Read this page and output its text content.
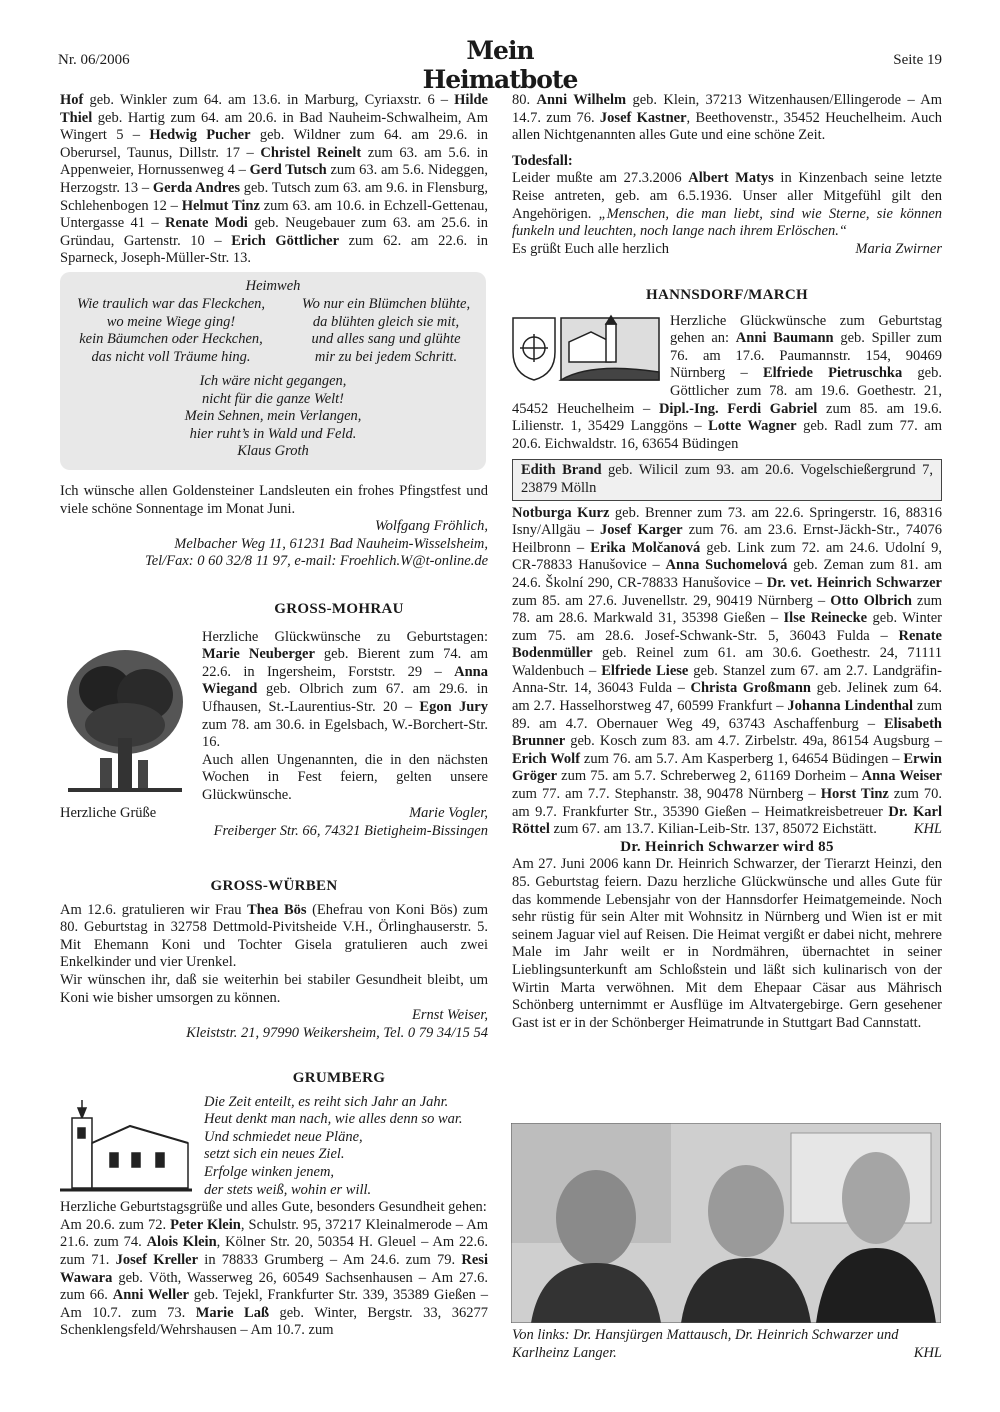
Nr. 06/2006	Mein Heimatbote
Seite 19

Hof geb. Winkler zum 64. am 13.6. in Marburg, Cyriaxstr. 6 – Hilde Thiel geb. Hartig zum 64. am 20.6. in Bad Nauheim-Schwalheim, Am Wingert 5 – Hedwig Pucher geb. Wildner zum 64. am 29.6. in Oberursel, Taunus, Dillstr. 17 – Christel Reinelt zum 63. am 5.6. in Appenweier, Hornussenweg 4 – Gerd Tutsch zum 63. am 5.6. Nideggen, Herzogstr. 13 – Gerda Andres geb. Tutsch zum 63. am 9.6. in Flensburg, Schlehenbogen 12 – Helmut Tinz zum 63. am 10.6. in Echzell-Gettenau, Untergasse 41 – Renate Modi geb. Neugebauer zum 63. am 25.6. in Gründau, Gartenstr. 10 – Erich Göttlicher zum 62. am 22.6. in Sparneck, Joseph-Müller-Str. 13.

Heimweh

Wie traulich war das Fleckchen,
wo meine Wiege ging!
kein Bäumchen oder Heckchen,
das nicht voll Träume hing.

Wo nur ein Blümchen blühte,
da blühten gleich sie mit,
und alles sang und glühte
mir zu bei jedem Schritt.

Ich wäre nicht gegangen,
nicht für die ganze Welt!
Mein Sehnen, mein Verlangen,
hier ruht’s in Wald und Feld.

Klaus Groth

Ich wünsche allen Goldensteiner Landsleuten ein frohes Pfingstfest und viele schöne Sonnentage im Monat Juni.

Wolfgang Fröhlich,
Melbacher Weg 11, 61231 Bad Nauheim-Wisselsheim,
Tel/Fax: 0 60 32/8 11 97, e-mail: Froehlich.W@t-online.de

GROSS-MOHRAU

Herzliche Glückwünsche zu Geburtstagen: Marie Neuberger geb. Bierent zum 74. am 22.6. in Ingersheim, Forststr. 29 – Anna Wiegand geb. Olbrich zum 67. am 29.6. in Ufhausen, St.-Laurentius-Str. 20 – Egon Jury zum 78. am 30.6. in Egelsbach, W.-Borchert-Str. 16.

Auch allen Ungenannten, die in den nächsten Wochen in Fest feiern, gelten unsere Glückwünsche.

Herzliche Grüße	Marie Vogler,

Freiberger Str. 66, 74321 Bietigheim-Bissingen

GROSS-WÜRBEN

Am 12.6. gratulieren wir Frau Thea Bös (Ehefrau von Koni Bös) zum 80. Geburtstag in 32758 Dettmold-Pivitsheide V.H., Örlinghauserstr. 5. Mit Ehemann Koni und Tochter Gisela gratulieren auch zwei Enkelkinder und vier Urenkel.

Wir wünschen ihr, daß sie weiterhin bei stabiler Gesundheit bleibt, um Koni wie bisher umsorgen zu können.

Ernst Weiser,
Kleiststr. 21, 97990 Weikersheim, Tel. 0 79 34/15 54

GRUMBERG

Die Zeit enteilt, es reiht sich Jahr an Jahr.
Heut denkt man nach, wie alles denn so war.
Und schmiedet neue Pläne,
setzt sich ein neues Ziel.
Erfolge winken jenem,
der stets weiß, wohin er will.

Herzliche Geburtstagsgrüße und alles Gute, besonders Gesundheit gehen:
Am 20.6. zum 72. Peter Klein, Schulstr. 95, 37217 Kleinalmerode – Am 21.6. zum 74. Alois Klein, Kölner Str. 20, 50354 H. Gleuel – Am 22.6. zum 71. Josef Kreller in 78833 Grumberg – Am 24.6. zum 79. Resi Wawara geb. Vöth, Wasserweg 26, 60549 Sachsenhausen – Am 27.6. zum 66. Anni Weller geb. Tejekl, Frankfurter Str. 339, 35389 Gießen – Am 10.7. zum 73. Marie Laß geb. Winter, Bergstr. 33, 36277 Schenklengsfeld/Wehrshausen – Am 10.7. zum

80. Anni Wilhelm geb. Klein, 37213 Witzenhausen/Ellingerode – Am 14.7. zum 76. Josef Kastner, Beethovenstr., 35452 Heuchelheim. Auch allen Nichtgenannten alles Gute und eine schöne Zeit.

Todesfall:

Leider mußte am 27.3.2006 Albert Matys in Kinzenbach seine letzte Reise antreten, geb. am 6.5.1936. Unser aller Mitgefühl gilt den Angehörigen. „Menschen, die man liebt, sind wie Sterne, sie können funkeln und leuchten, noch lange nach ihrem Erlöschen.“

Es grüßt Euch alle herzlich	Maria Zwirner
HANNSDORF/MARCH

Herzliche Glückwünsche zum Geburtstag gehen an: Anni Baumann geb. Spiller zum 76. am 17.6. Paumannstr. 154, 90469 Nürnberg – Elfriede Pietruschka geb. Göttlicher zum 78. am 19.6. Goethestr. 21, 45452 Heuchelheim – Dipl.-Ing. Ferdi Gabriel zum 85. am 19.6. Lilienstr. 1, 35429 Langgöns – Lotte Wagner geb. Radl zum 77. am 20.6. Eichwaldstr. 16, 63654 Büdingen

Edith Brand geb. Wilicil zum 93. am 20.6. Vogelschießergrund 7, 23879 Mölln

Notburga Kurz geb. Brenner zum 73. am 22.6. Springerstr. 16, 88316 Isny/Allgäu – Josef Karger zum 76. am 23.6. Ernst-Jäckh-Str., 74076 Heilbronn – Erika Molčanová geb. Link zum 72. am 24.6. Udolní 9, CR-78833 Hanušovice – Anna Suchomelová geb. Zeman zum 81. am 24.6. Školní 290, CR-78833 Hanušovice – Dr. vet. Heinrich Schwarzer zum 85. am 27.6. Juvenellstr. 29, 90419 Nürnberg – Otto Olbrich zum 78. am 28.6. Markwald 31, 35398 Gießen – Ilse Reinecke geb. Winter zum 75. am 28.6. Josef-Schwank-Str. 5, 36043 Fulda – Renate Bodenmüller geb. Reinel zum 61. am 30.6. Goethestr. 24, 71111 Waldenbuch – Elfriede Liese geb. Stanzel zum 67. am 2.7. Landgräfin-Anna-Str. 14, 36043 Fulda – Christa Großmann geb. Jelinek zum 64. am 2.7. Hasselhorstweg 47, 60599 Frankfurt – Johanna Lindenthal zum 89. am 4.7. Obernauer Weg 49, 63743 Aschaffenburg – Elisabeth Brunner geb. Kosch zum 83. am 4.7. Zirbelstr. 49a, 86154 Augsburg – Erich Wolf zum 76. am 5.7. Am Kasperberg 1, 64654 Büdingen – Erwin Gröger zum 75. am 5.7. Schreberweg 2, 61169 Dorheim – Anna Weiser zum 77. am 7.7. Stephanstr. 38, 90478 Nürnberg – Horst Tinz zum 70. am 9.7. Frankfurter Str., 35390 Gießen – Heimatkreisbetreuer Dr. Karl Röttel zum 67. am 13.7. Kilian-Leib-Str. 137, 85072 Eichstätt.	KHL

Dr. Heinrich Schwarzer wird 85

Am 27. Juni 2006 kann Dr. Heinrich Schwarzer, der Tierarzt Heinzi, den 85. Geburtstag feiern. Dazu herzliche Glückwünsche und alles Gute für das kommende Lebensjahr von der Hannsdorfer Heimatgemeinde. Noch sehr rüstig für sein Alter mit Wohnsitz in Nürnberg und Wien ist er mit seinem Jaguar viel auf Reisen. Die Heimat vergißt er dabei nicht, mehrere Male im Jahr weilt er in Nordmähren, übernachtet in seiner Lieblingsunterkunft am Schloßstein und läßt sich kulinarisch von der Wirtin Marta verwöhnen. Mit dem Ehepaar Cäsar aus Mährisch Schönberg unternimmt er Ausflüge im Altvatergebirge. Gern gesehener Gast ist er in der Schönberger Heimatrunde in Stuttgart Bad Cannstatt.

Von links: Dr. Hansjürgen Mattausch, Dr. Heinrich Schwarzer und Karlheinz Langer.	KHL
